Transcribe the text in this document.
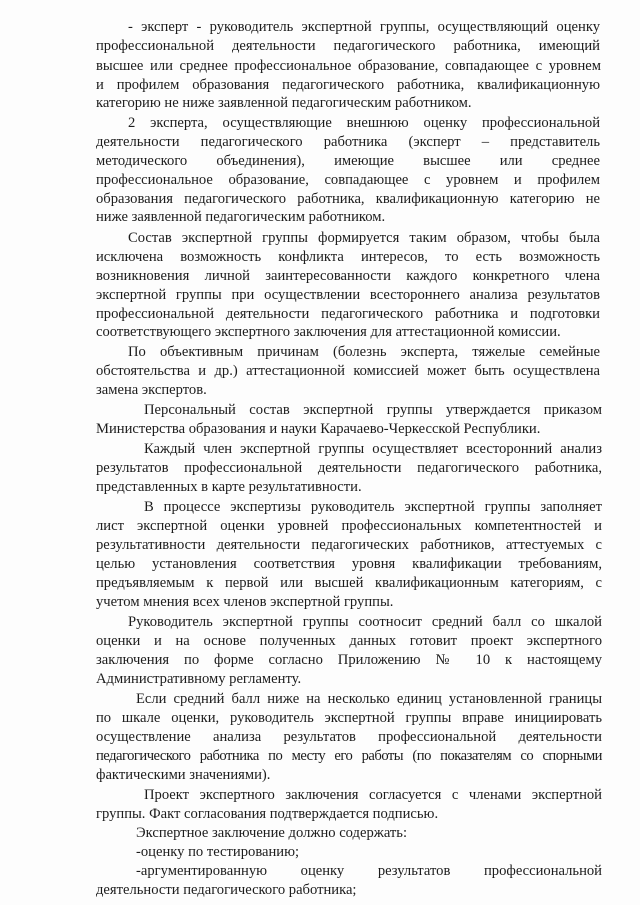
- эксперт - руководитель экспертной группы, осуществляющий оценку
профессиональной деятельности педагогического работника, имеющий
высшее или среднее профессиональное образование, совпадающее с уровнем
и профилем образования педагогического работника, квалификационную
категорию не ниже заявленной педагогическим работником.
2 эксперта, осуществляющие внешнюю оценку профессиональной
деятельности педагогического работника (эксперт – представитель
методического объединения), имеющие высшее или среднее
профессиональное образование, совпадающее с уровнем и профилем
образования педагогического работника, квалификационную категорию не
ниже заявленной педагогическим работником.
Состав экспертной группы формируется таким образом, чтобы была
исключена возможность конфликта интересов, то есть возможность
возникновения личной заинтересованности каждого конкретного члена
экспертной группы при осуществлении всестороннего анализа результатов
профессиональной деятельности педагогического работника и подготовки
соответствующего экспертного заключения для аттестационной комиссии.
По объективным причинам (болезнь эксперта, тяжелые семейные
обстоятельства и др.) аттестационной комиссией может быть осуществлена
замена экспертов.
Персональный состав экспертной группы утверждается приказом
Министерства образования и науки Карачаево-Черкесской Республики.
Каждый член экспертной группы осуществляет всесторонний анализ
результатов профессиональной деятельности педагогического работника,
представленных в карте результативности.
В процессе экспертизы руководитель экспертной группы заполняет
лист экспертной оценки уровней профессиональных компетентностей и
результативности деятельности педагогических работников, аттестуемых с
целью установления соответствия уровня квалификации требованиям,
предъявляемым к первой или высшей квалификационным категориям, с
учетом мнения всех членов экспертной группы.
Руководитель экспертной группы соотносит средний балл со шкалой
оценки и на основе полученных данных готовит проект экспертного
заключения по форме согласно Приложению № 10 к настоящему
Административному регламенту.
Если средний балл ниже на несколько единиц установленной границы
по шкале оценки, руководитель экспертной группы вправе инициировать
осуществление анализа результатов профессиональной деятельности
педагогического работника по месту его работы (по показателям со спорными
фактическими значениями).
Проект экспертного заключения согласуется с членами экспертной
группы. Факт согласования подтверждается подписью.
Экспертное заключение должно содержать:
-оценку по тестированию;
-аргументированную оценку результатов профессиональной
деятельности педагогического работника;
